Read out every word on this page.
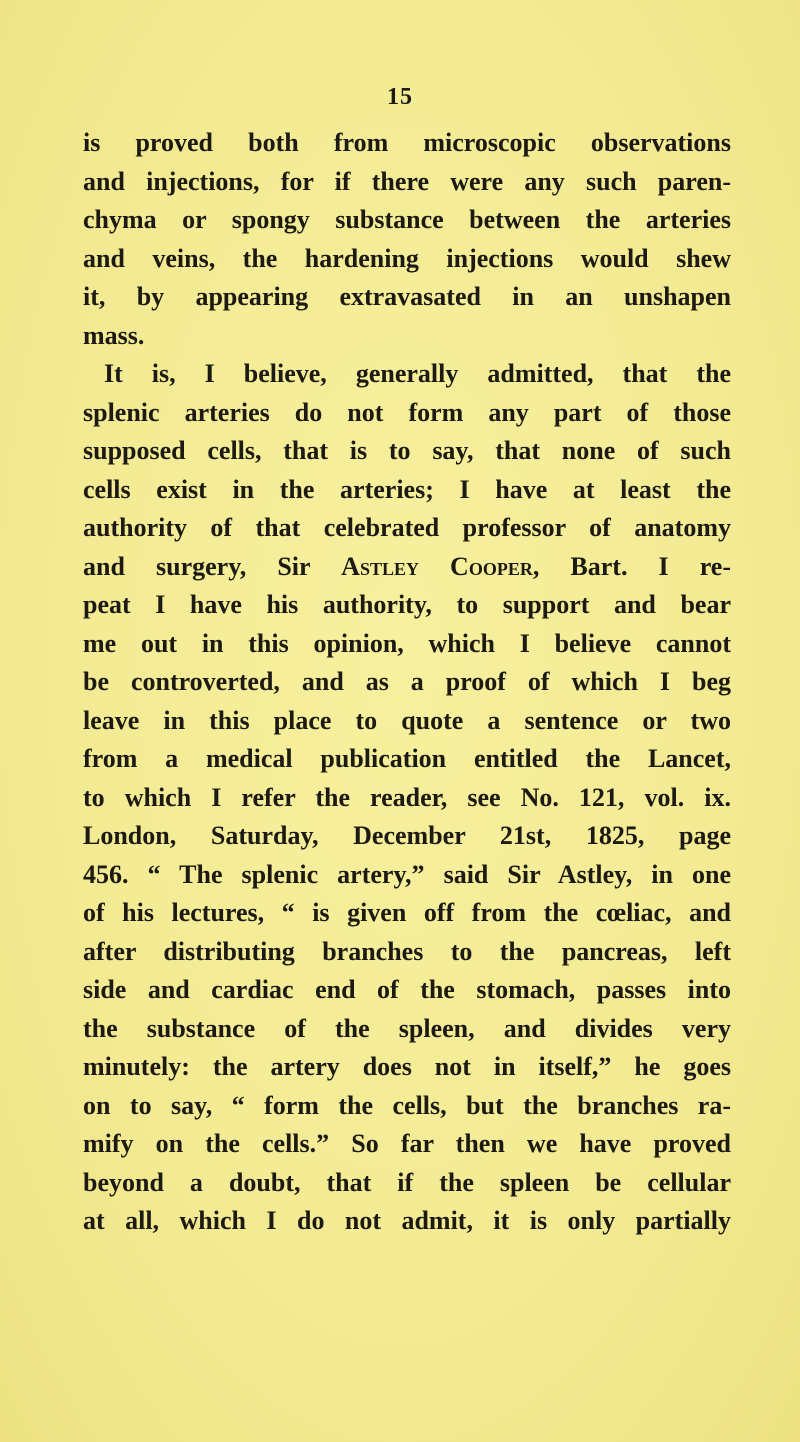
15
is proved both from microscopic observations
and injections, for if there were any such paren-
chyma or spongy substance between the arteries
and veins, the hardening injections would shew
it, by appearing extravasated in an unshapen
mass.
It is, I believe, generally admitted, that the
splenic arteries do not form any part of those
supposed cells, that is to say, that none of such
cells exist in the arteries; I have at least the
authority of that celebrated professor of anatomy
and surgery, Sir Astley Cooper, Bart. I re-
peat I have his authority, to support and bear
me out in this opinion, which I believe cannot
be controverted, and as a proof of which I beg
leave in this place to quote a sentence or two
from a medical publication entitled the Lancet,
to which I refer the reader, see No. 121, vol. ix.
London, Saturday, December 21st, 1825, page
456. “ The splenic artery,” said Sir Astley, in one
of his lectures, “ is given off from the cœliac, and
after distributing branches to the pancreas, left
side and cardiac end of the stomach, passes into
the substance of the spleen, and divides very
minutely: the artery does not in itself,” he goes
on to say, “ form the cells, but the branches ra-
mify on the cells.” So far then we have proved
beyond a doubt, that if the spleen be cellular
at all, which I do not admit, it is only partially
